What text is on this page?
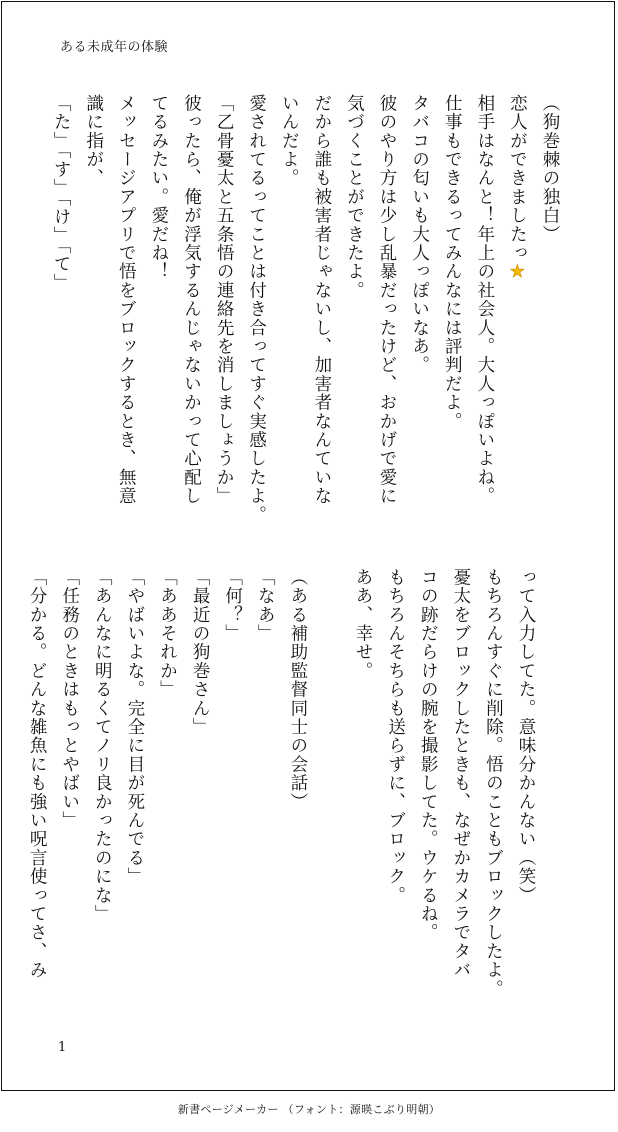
ある未成年の体験
（狗巻棘の独白）
恋人ができましたっ★
相手はなんと！年上の社会人。大人っぽいよね。
仕事もできるってみんなには評判だよ。
タバコの匂いも大人っぽいなあ。
彼のやり方は少し乱暴だったけど、おかげで愛に
気づくことができたよ。
だから誰も被害者じゃないし、加害者なんていな
いんだよ。
愛されてるってことは付き合ってすぐ実感したよ。
「乙骨憂太と五条悟の連絡先を消しましょうか」
彼ったら、俺が浮気するんじゃないかって心配し
てるみたい。愛だね！
メッセージアプリで悟をブロックするとき、無意
識に指が、
「た」「す」「け」「て」
って入力してた。意味分かんない（笑）
もちろんすぐに削除。悟のこともブロックしたよ。
憂太をブロックしたときも、なぜかカメラでタバ
コの跡だらけの腕を撮影してた。ウケるね。
もちろんそちらも送らずに、ブロック。
ああ、幸せ。

（ある補助監督同士の会話）
「なあ」
「何？」
「最近の狗巻さん」
「ああそれか」
「やばいよな。完全に目が死んでる」
「あんなに明るくてノリ良かったのにな」
「任務のときはもっとやばい」
「分かる。どんな雑魚にも強い呪言使ってさ、み
1
新書ページメーカー （フォント：源暎こぶり明朝）
